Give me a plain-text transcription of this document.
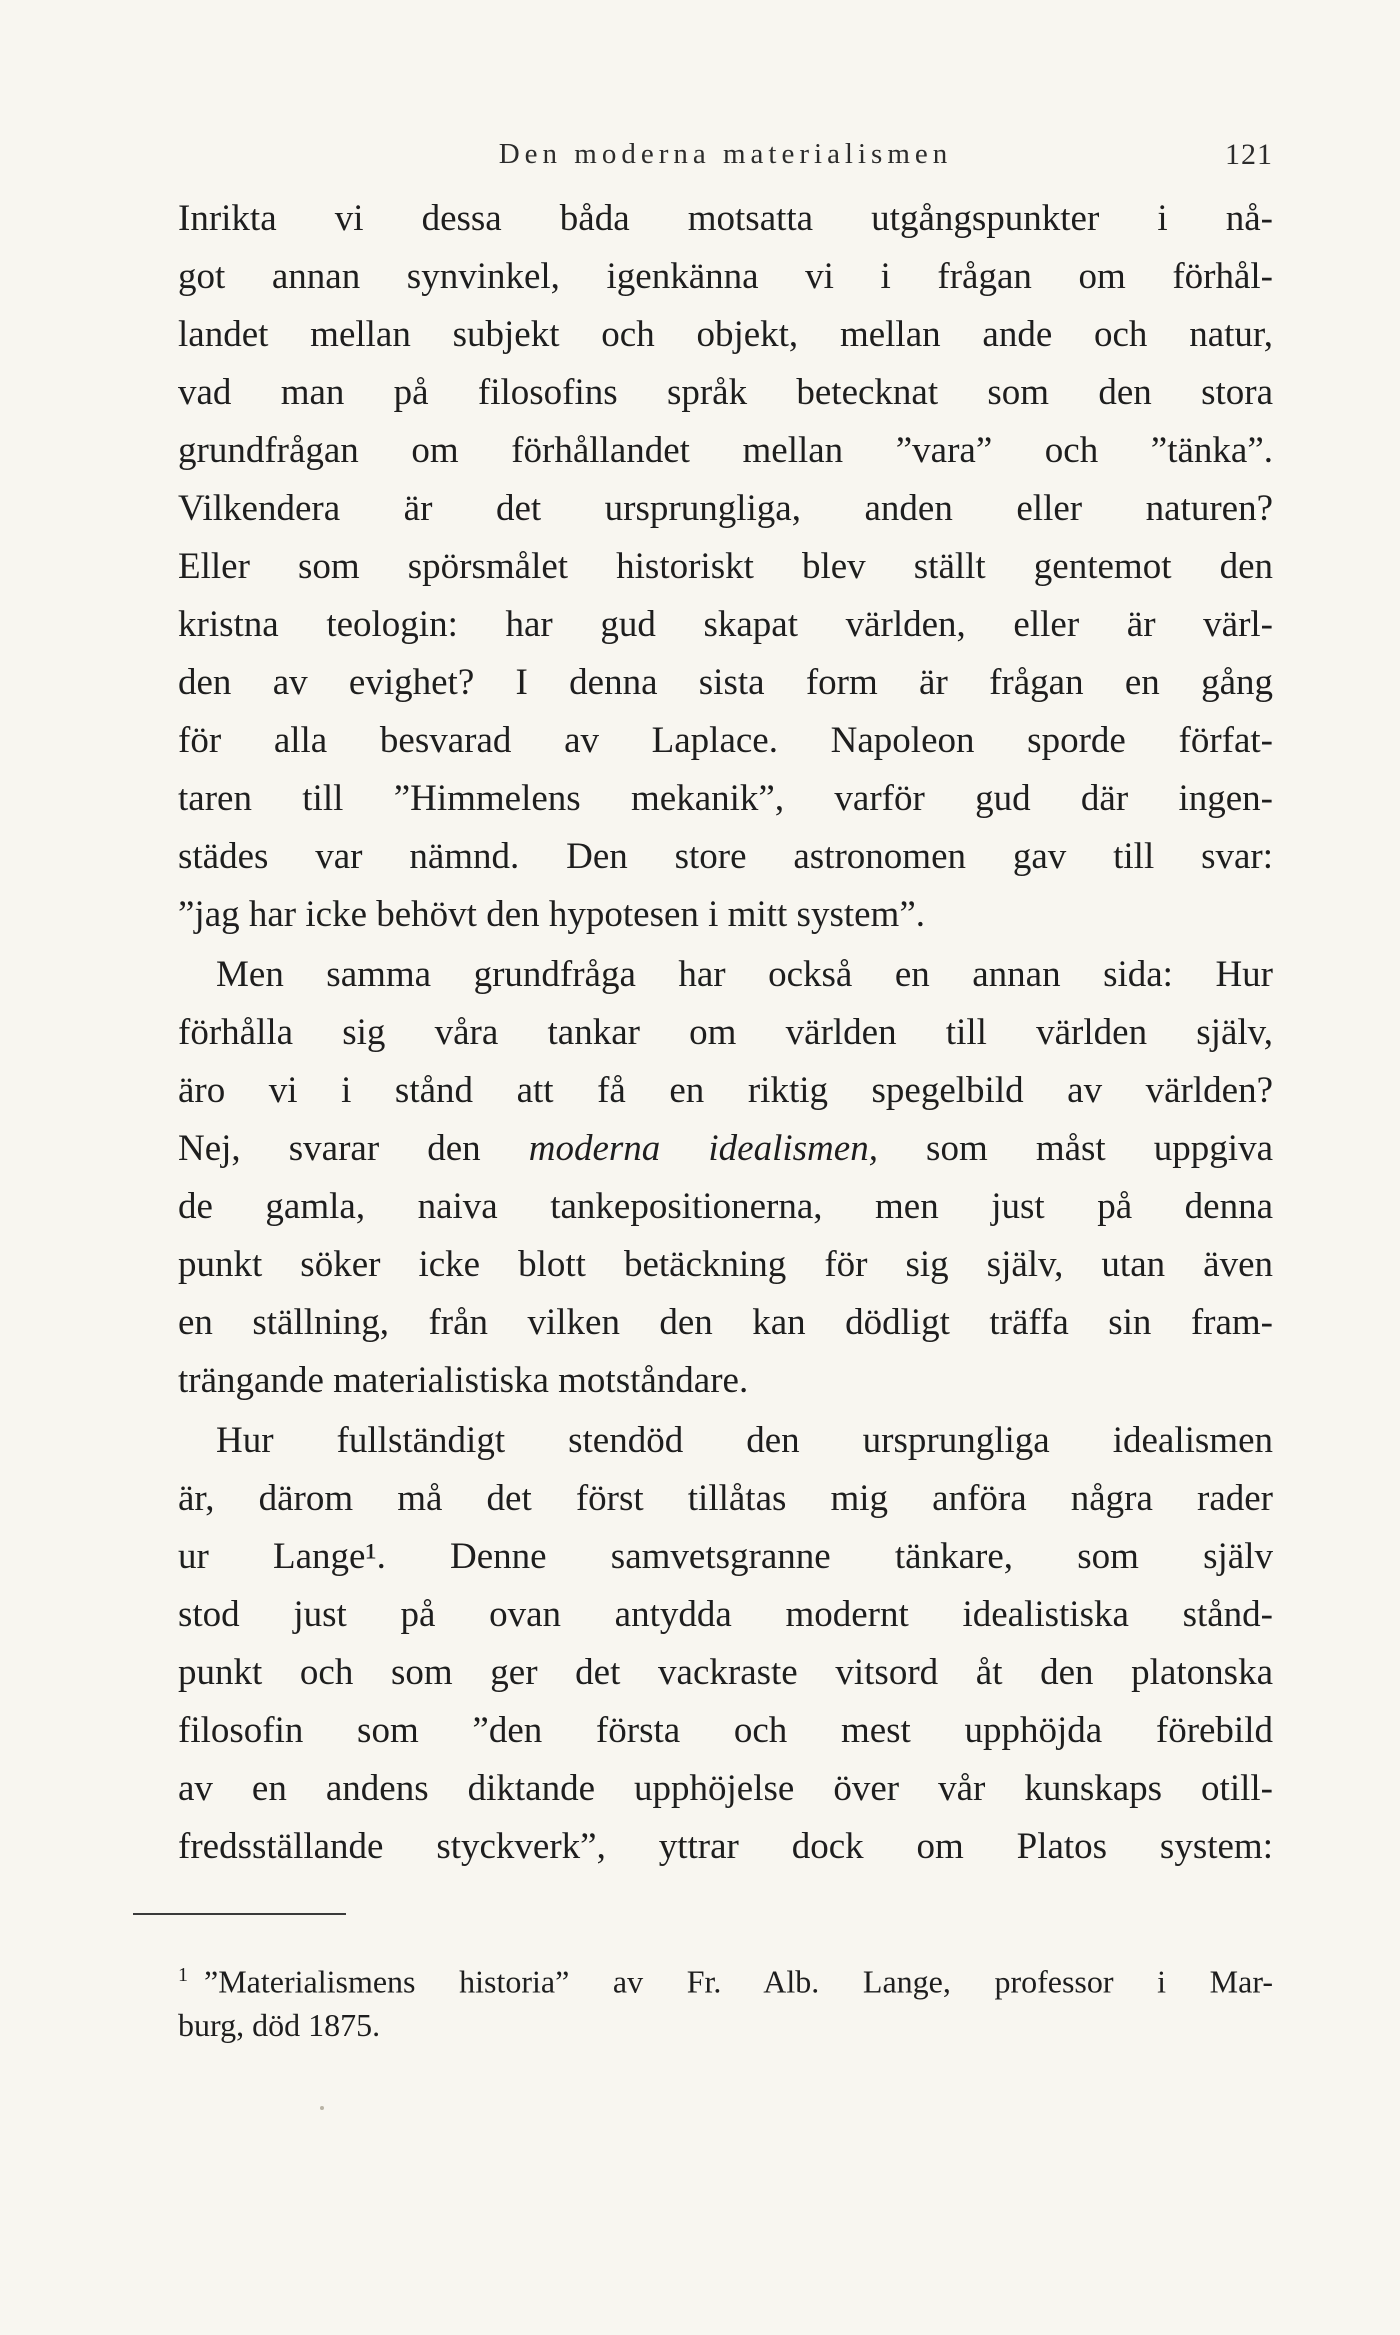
Den moderna materialismen	121
Inrikta vi dessa båda motsatta utgångspunkter i nå-
got annan synvinkel, igenkänna vi i frågan om förhål-
landet mellan subjekt och objekt, mellan ande och natur,
vad man på filosofins språk betecknat som den stora
grundfrågan om förhållandet mellan ”vara” och ”tänka”.
Vilkendera är det ursprungliga, anden eller naturen?
Eller som spörsmålet historiskt blev ställt gentemot den
kristna teologin: har gud skapat världen, eller är värl-
den av evighet? I denna sista form är frågan en gång
för alla besvarad av Laplace. Napoleon sporde förfat-
taren till ”Himmelens mekanik”, varför gud där ingen-
städes var nämnd. Den store astronomen gav till svar:
”jag har icke behövt den hypotesen i mitt system”.
Men samma grundfråga har också en annan sida: Hur
förhålla sig våra tankar om världen till världen själv,
äro vi i stånd att få en riktig spegelbild av världen?
Nej, svarar den moderna idealismen, som måst uppgiva
de gamla, naiva tankepositionerna, men just på denna
punkt söker icke blott betäckning för sig själv, utan även
en ställning, från vilken den kan dödligt träffa sin fram-
trängande materialistiska motståndare.
Hur fullständigt stendöd den ursprungliga idealismen
är, därom må det först tillåtas mig anföra några rader
ur Lange¹. Denne samvetsgranne tänkare, som själv
stod just på ovan antydda modernt idealistiska stånd-
punkt och som ger det vackraste vitsord åt den platonska
filosofin som ”den första och mest upphöjda förebild
av en andens diktande upphöjelse över vår kunskaps otill-
fredsställande styckverk”, yttrar dock om Platos system:
$^1$ ”Materialismens historia” av Fr. Alb. Lange, professor i Mar-
burg, död 1875.
